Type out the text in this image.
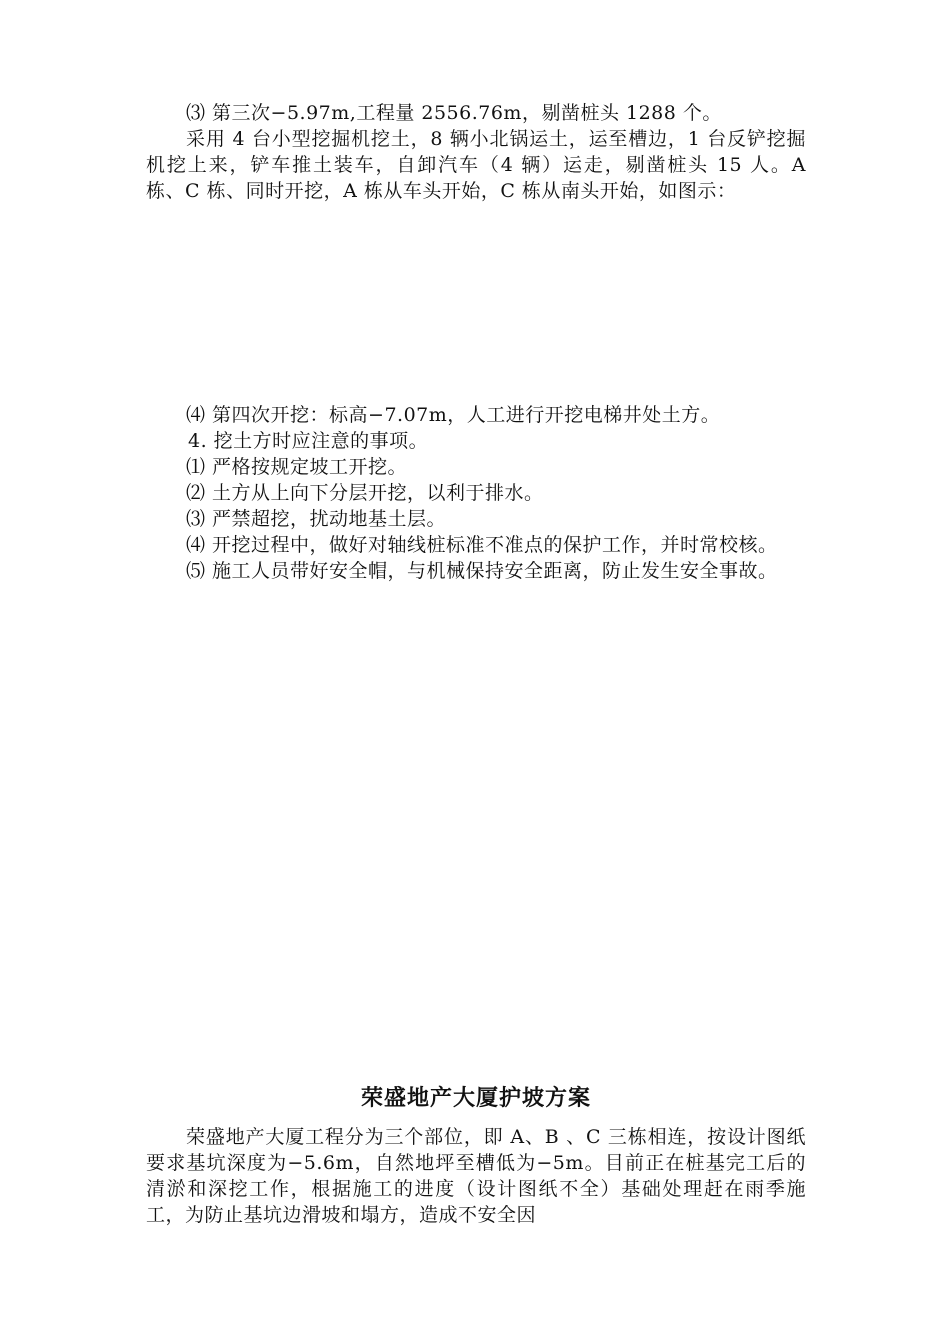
⑶ 第三次−5.97m,工程量 2556.76m，剔凿桩头 1288 个。

采用 4 台小型挖掘机挖土，8 辆小北锅运土，运至槽边，1 台反铲挖掘机挖上来，铲车推土装车，自卸汽车（4 辆）运走，剔凿桩头 15 人。A 栋、C 栋、同时开挖，A 栋从车头开始，C 栋从南头开始，如图示：

⑷ 第四次开挖：标高−7.07m，人工进行开挖电梯井处土方。

4. 挖土方时应注意的事项。

⑴ 严格按规定坡工开挖。

⑵ 土方从上向下分层开挖，以利于排水。

⑶ 严禁超挖，扰动地基土层。

⑷ 开挖过程中，做好对轴线桩标准不准点的保护工作，并时常校核。

⑸ 施工人员带好安全帽，与机械保持安全距离，防止发生安全事故。

荣盛地产大厦护坡方案

荣盛地产大厦工程分为三个部位，即 A、B 、C 三栋相连，按设计图纸要求基坑深度为−5.6m，自然地坪至槽低为−5m。目前正在桩基完工后的清淤和深挖工作，根据施工的进度（设计图纸不全）基础处理赶在雨季施工，为防止基坑边滑坡和塌方，造成不安全因
